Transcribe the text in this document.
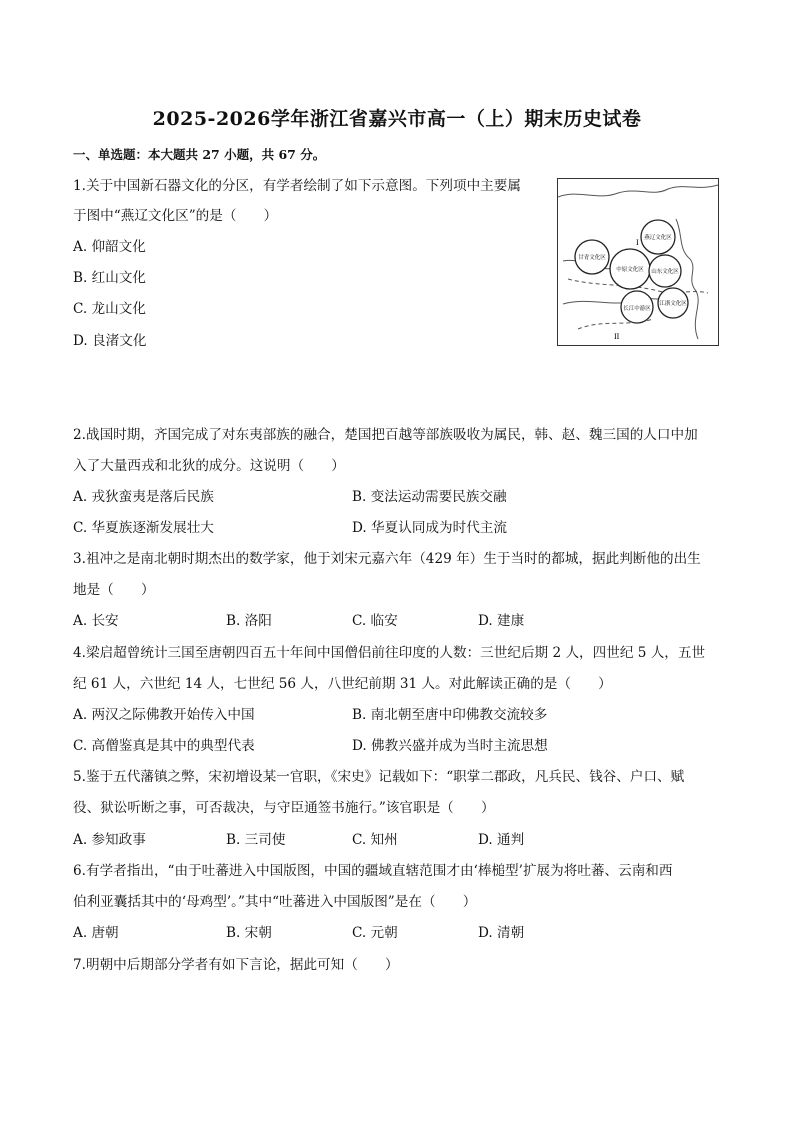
2025-2026学年浙江省嘉兴市高一（上）期末历史试卷
一、单选题：本大题共 27 小题，共 67 分。
1.关于中国新石器文化的分区，有学者绘制了如下示意图。下列项中主要属
于图中“燕辽文化区”的是（　　）
A. 仰韶文化
B. 红山文化
C. 龙山文化
D. 良渚文化
燕辽文化区
甘青文化区
中原文化区 山东文化区
长江中游区
江浙文化区
I
II
2.战国时期，齐国完成了对东夷部族的融合，楚国把百越等部族吸收为属民，韩、赵、魏三国的人口中加
入了大量西戎和北狄的成分。这说明（　　）
A. 戎狄蛮夷是落后民族	B. 变法运动需要民族交融
C. 华夏族逐渐发展壮大	D. 华夏认同成为时代主流
3.祖冲之是南北朝时期杰出的数学家，他于刘宋元嘉六年（429 年）生于当时的都城，据此判断他的出生
地是（　　）
A. 长安	B. 洛阳	C. 临安	D. 建康
4.梁启超曾统计三国至唐朝四百五十年间中国僧侣前往印度的人数：三世纪后期 2 人，四世纪 5 人，五世
纪 61 人，六世纪 14 人，七世纪 56 人，八世纪前期 31 人。对此解读正确的是（　　）
A. 两汉之际佛教开始传入中国	B. 南北朝至唐中印佛教交流较多
C. 高僧鉴真是其中的典型代表	D. 佛教兴盛并成为当时主流思想
5.鉴于五代藩镇之弊，宋初增设某一官职，《宋史》记载如下：“职掌二郡政，凡兵民、钱谷、户口、赋
役、狱讼听断之事，可否裁决，与守臣通签书施行。”该官职是（　　）
A. 参知政事	B. 三司使	C. 知州	D. 通判
6.有学者指出，“由于吐蕃进入中国版图，中国的疆域直辖范围才由‘棒槌型’扩展为将吐蕃、云南和西
伯利亚囊括其中的‘母鸡型’。”其中“吐蕃进入中国版图”是在（　　）
A. 唐朝	B. 宋朝	C. 元朝	D. 清朝
7.明朝中后期部分学者有如下言论，据此可知（　　）
